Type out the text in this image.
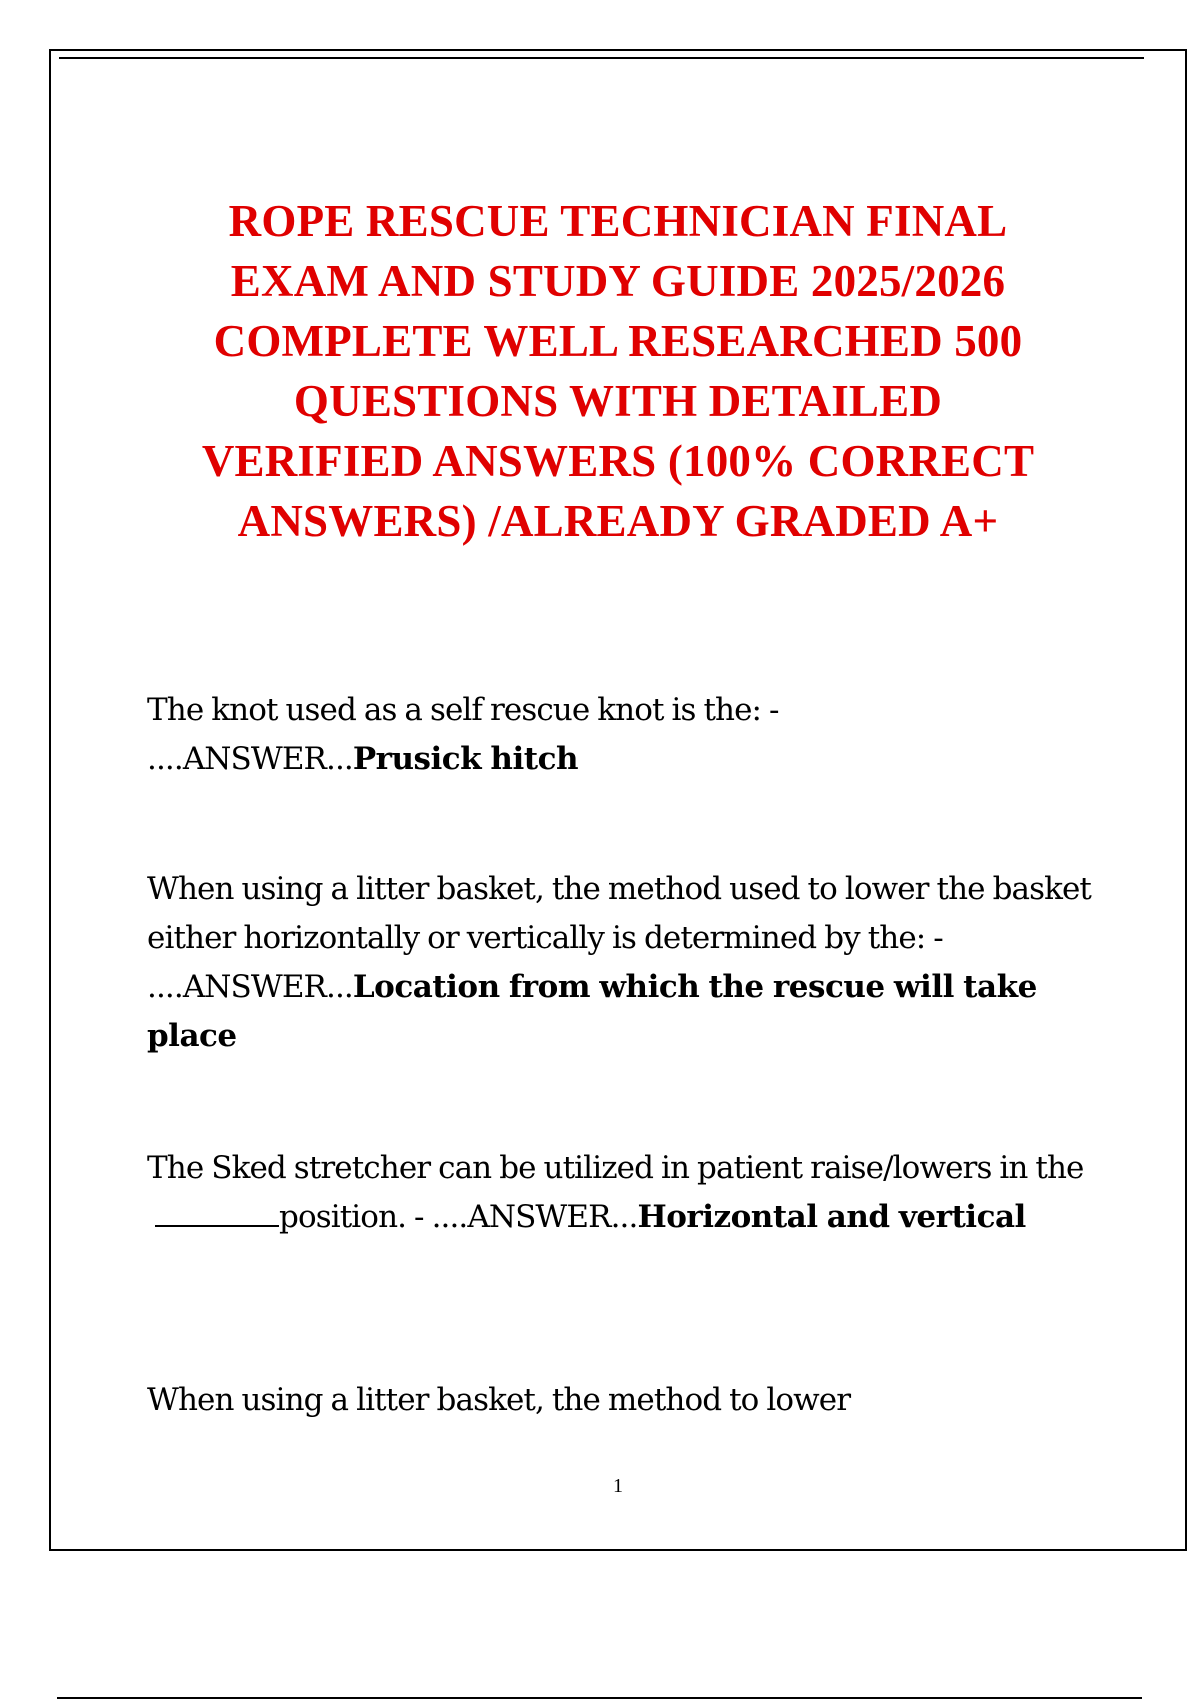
ROPE RESCUE TECHNICIAN FINAL
EXAM AND STUDY GUIDE 2025/2026
COMPLETE WELL RESEARCHED 500
QUESTIONS WITH DETAILED
VERIFIED ANSWERS (100% CORRECT
ANSWERS) /ALREADY GRADED A+
The knot used as a self rescue knot is the: - ....ANSWER...Prusick hitch
When using a litter basket, the method used to lower the basket either horizontally or vertically is determined by the: - ....ANSWER...Location from which the rescue will take place
The Sked stretcher can be utilized in patient raise/lowers in the position. - ....ANSWER...Horizontal and vertical
When using a litter basket, the method to lower
1
